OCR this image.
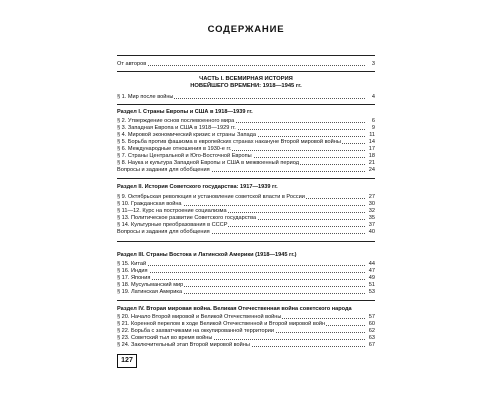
СОДЕРЖАНИЕ
От авторов	3
ЧАСТЬ I. ВСЕМИРНАЯ ИСТОРИЯ
НОВЕЙШЕГО ВРЕМЕНИ: 1918—1945 гг.
§ 1. Мир после войны	4
Раздел I. Страны Европы и США в 1918—1939 гг.
§ 2. Утверждение основ послевоенного мира	6
§ 3. Западная Европа и США в 1918—1929 гг.	9
§ 4. Мировой экономический кризис и страны Запада	11
§ 5. Борьба против фашизма в европейских странах накануне Второй мировой войны	14
§ 6. Международные отношения в 1930-е гг.	17
§ 7. Страны Центральной и Юго-Восточной Европы	18
§ 8. Наука и культура Западной Европы и США в межвоенный период	21
Вопросы и задания для обобщения	24
Раздел II. История Советского государства: 1917—1939 гг.
§ 9. Октябрьская революция и установление советской власти в России	27
§ 10. Гражданская война	30
§ 11—12. Курс на построение социализма	32
§ 13. Политическое развитие Советского государства	35
§ 14. Культурные преобразования в СССР	37
Вопросы и задания для обобщения	40
Раздел III. Страны Востока и Латинской Америки (1918—1945 гг.)
§ 15. Китай	44
§ 16. Индия	47
§ 17. Япония	49
§ 18. Мусульманский мир	51
§ 19. Латинская Америка	53
Раздел IV. Вторая мировая война. Великая Отечественная война советского народа
§ 20. Начало Второй мировой и Великой Отечественной войны	57
§ 21. Коренной перелом в ходе Великой Отечественной и Второй мировой войн	60
§ 22. Борьба с захватчиками на оккупированной территории	62
§ 23. Советский тыл во время войны	63
§ 24. Заключительный этап Второй мировой войны	67
127
